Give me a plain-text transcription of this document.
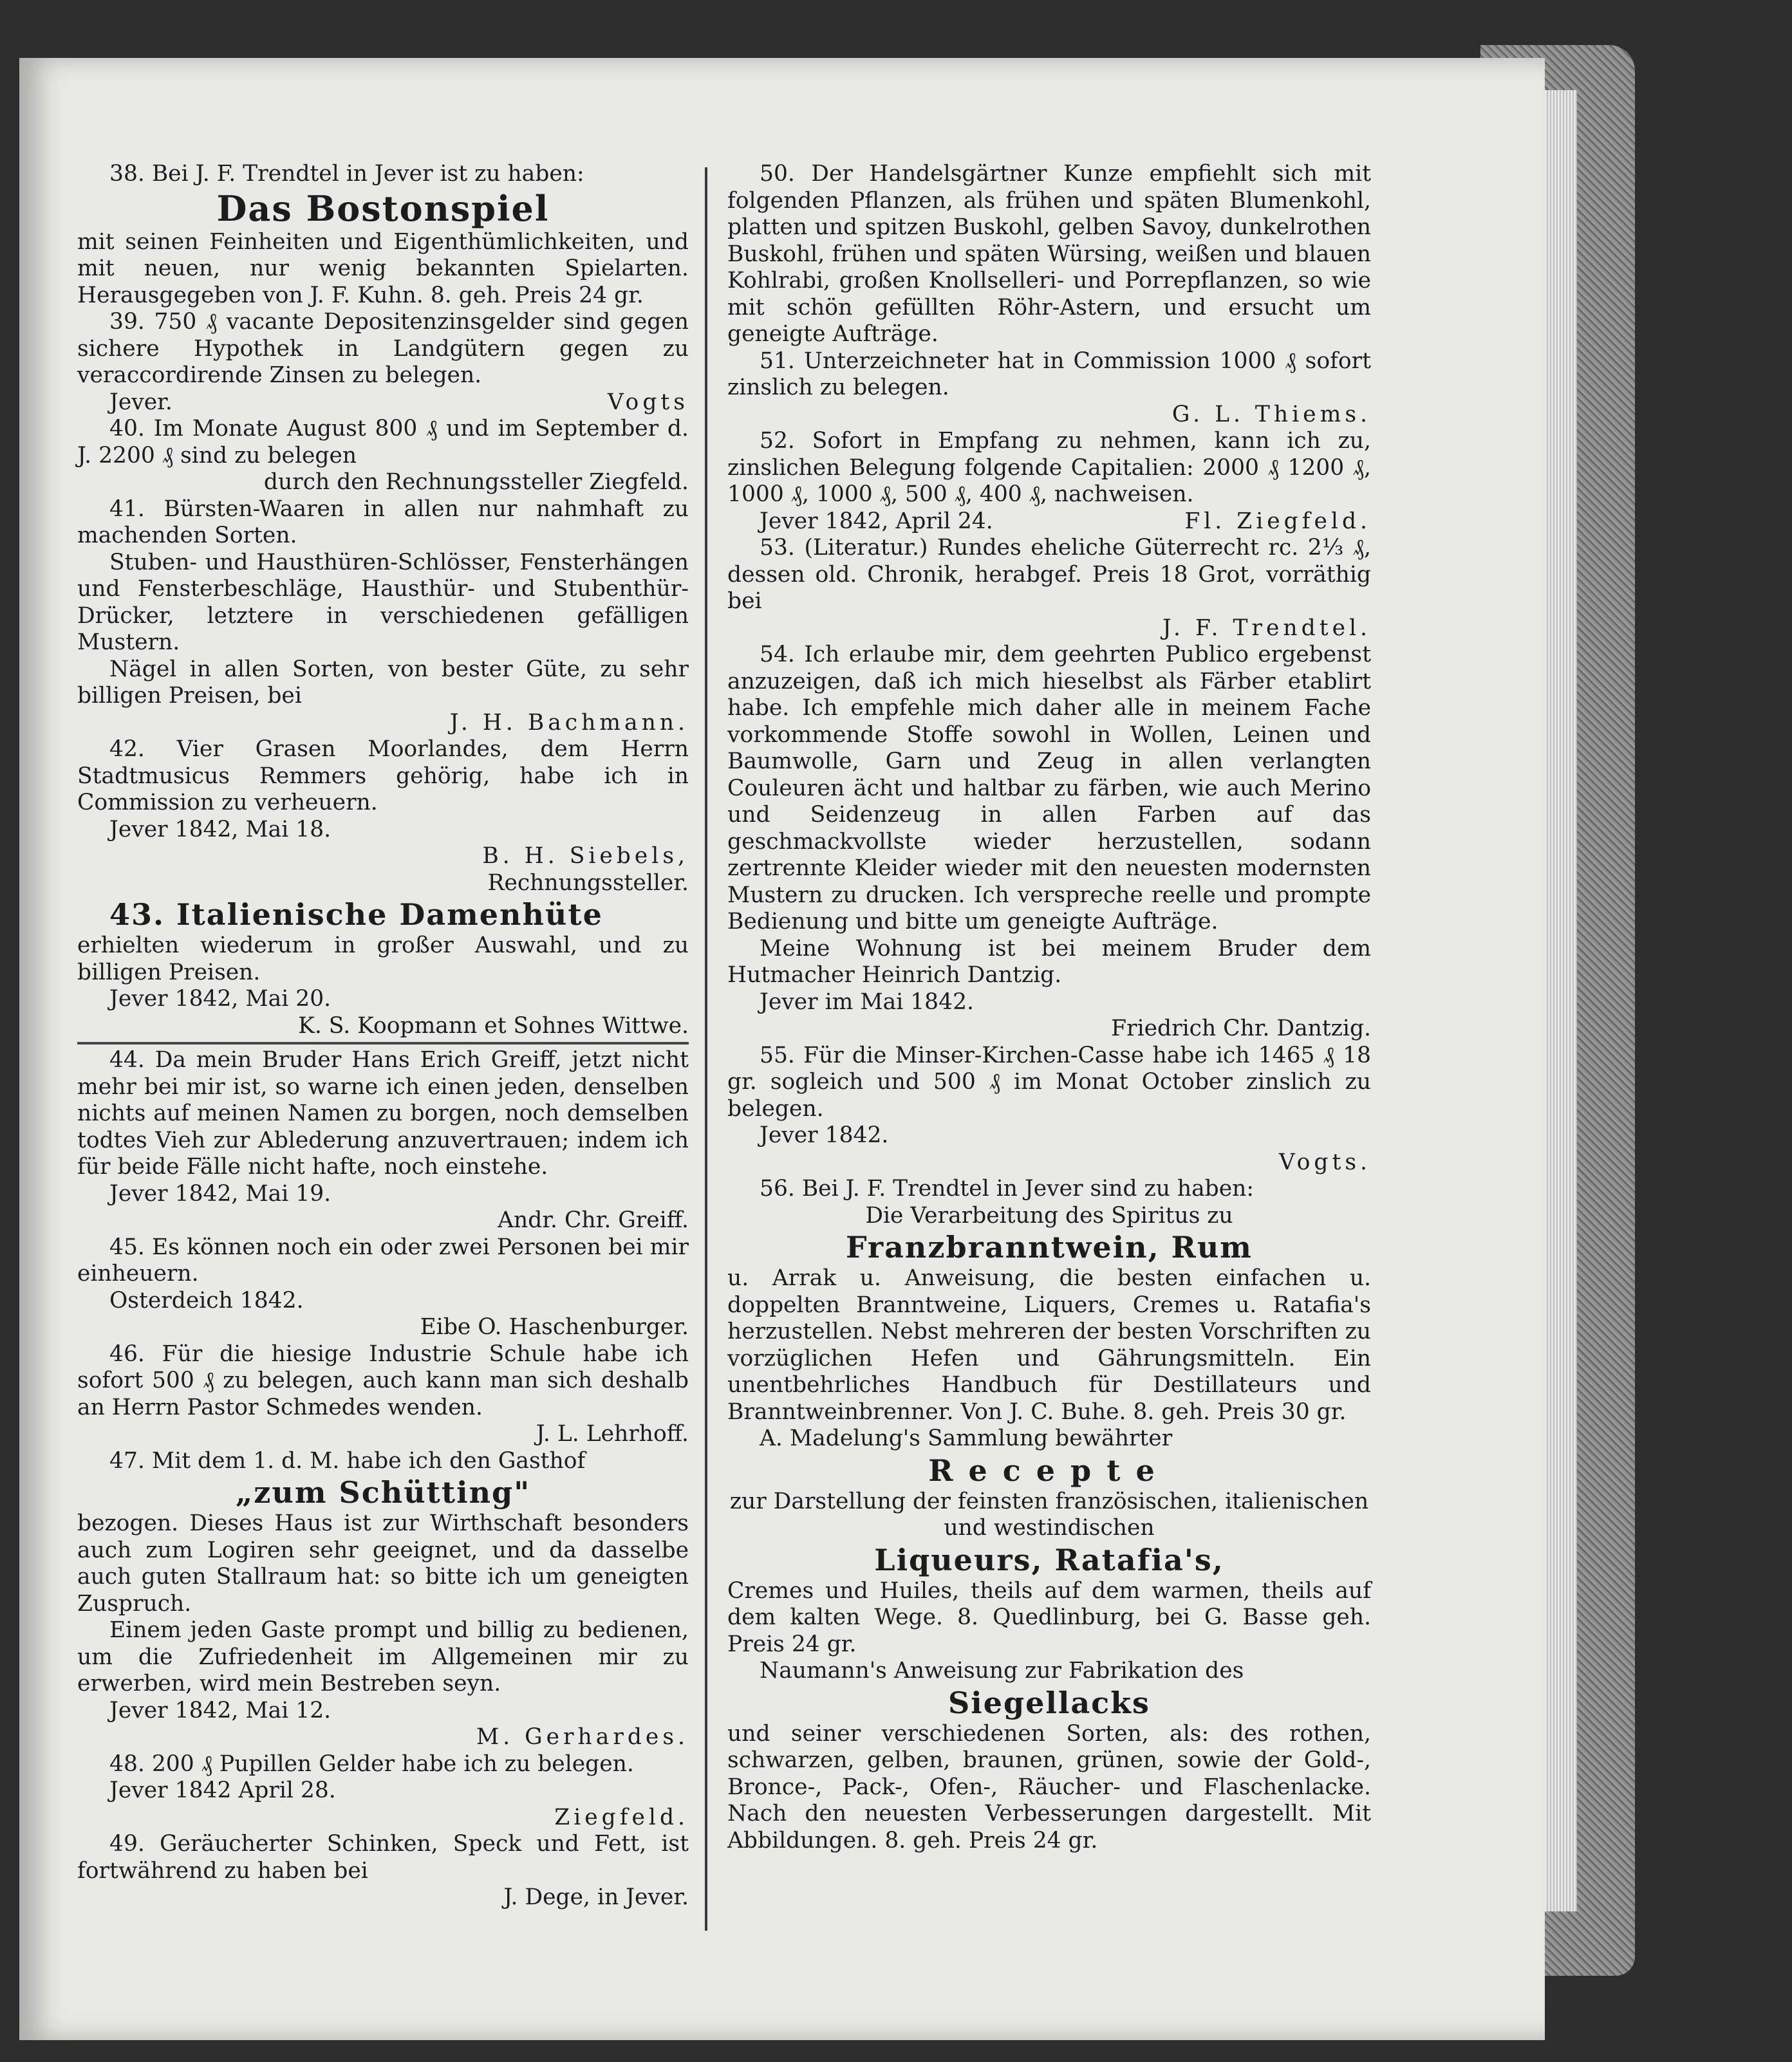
38. Bei J. F. Trendtel in Jever ist zu haben:

Das Bostonspiel

mit seinen Feinheiten und Eigenthümlichkeiten, und mit neuen, nur wenig bekannten Spielarten. Herausgegeben von J. F. Kuhn. 8. geh. Preis 24 gr.

39. 750 ₰ vacante Depositenzinsgelder sind gegen sichere Hypothek in Landgütern gegen zu veraccordirende Zinsen zu belegen.

Jever.	Vogts

40. Im Monate August 800 ₰ und im September d. J. 2200 ₰ sind zu belegen

durch den Rechnungssteller Ziegfeld.

41. Bürsten-Waaren in allen nur nahmhaft zu machenden Sorten.

Stuben- und Hausthüren-Schlösser, Fensterhängen und Fensterbeschläge, Hausthür- und Stubenthür-Drücker, letztere in verschiedenen gefälligen Mustern.

Nägel in allen Sorten, von bester Güte, zu sehr billigen Preisen, bei

J. H. Bachmann.

42. Vier Grasen Moorlandes, dem Herrn Stadtmusicus Remmers gehörig, habe ich in Commission zu verheuern.

Jever 1842, Mai 18.

B. H. Siebels,

Rechnungssteller.

43. Italienische Damenhüte

erhielten wiederum in großer Auswahl, und zu billigen Preisen.

Jever 1842, Mai 20.

K. S. Koopmann et Sohnes Wittwe.

44. Da mein Bruder Hans Erich Greiff, jetzt nicht mehr bei mir ist, so warne ich einen jeden, denselben nichts auf meinen Namen zu borgen, noch demselben todtes Vieh zur Ablederung anzuvertrauen; indem ich für beide Fälle nicht hafte, noch einstehe.

Jever 1842, Mai 19.

Andr. Chr. Greiff.

45. Es können noch ein oder zwei Personen bei mir einheuern.

Osterdeich 1842.

Eibe O. Haschenburger.

46. Für die hiesige Industrie Schule habe ich sofort 500 ₰ zu belegen, auch kann man sich deshalb an Herrn Pastor Schmedes wenden.

J. L. Lehrhoff.

47. Mit dem 1. d. M. habe ich den Gasthof

„zum Schütting"

bezogen. Dieses Haus ist zur Wirthschaft besonders auch zum Logiren sehr geeignet, und da dasselbe auch guten Stallraum hat: so bitte ich um geneigten Zuspruch.

Einem jeden Gaste prompt und billig zu bedienen, um die Zufriedenheit im Allgemeinen mir zu erwerben, wird mein Bestreben seyn.

Jever 1842, Mai 12.

M. Gerhardes.

48. 200 ₰ Pupillen Gelder habe ich zu belegen.

Jever 1842 April 28.

Ziegfeld.

49. Geräucherter Schinken, Speck und Fett, ist fortwährend zu haben bei

J. Dege, in Jever.

50. Der Handelsgärtner Kunze empfiehlt sich mit folgenden Pflanzen, als frühen und späten Blumenkohl, platten und spitzen Buskohl, gelben Savoy, dunkelrothen Buskohl, frühen und späten Würsing, weißen und blauen Kohlrabi, großen Knollselleri- und Porrepflanzen, so wie mit schön gefüllten Röhr-Astern, und ersucht um geneigte Aufträge.

51. Unterzeichneter hat in Commission 1000 ₰ sofort zinslich zu belegen.

G. L. Thiems.

52. Sofort in Empfang zu nehmen, kann ich zu, zinslichen Belegung folgende Capitalien: 2000 ₰ 1200 ₰, 1000 ₰, 1000 ₰, 500 ₰, 400 ₰, nachweisen.

Jever 1842, April 24.	Fl. Ziegfeld.

53. (Literatur.) Rundes eheliche Güterrecht rc. 2⅓ ₰, dessen old. Chronik, herabgef. Preis 18 Grot, vorräthig bei

J. F. Trendtel.

54. Ich erlaube mir, dem geehrten Publico ergebenst anzuzeigen, daß ich mich hieselbst als Färber etablirt habe. Ich empfehle mich daher alle in meinem Fache vorkommende Stoffe sowohl in Wollen, Leinen und Baumwolle, Garn und Zeug in allen verlangten Couleuren ächt und haltbar zu färben, wie auch Merino und Seidenzeug in allen Farben auf das geschmackvollste wieder herzustellen, sodann zertrennte Kleider wieder mit den neuesten modernsten Mustern zu drucken. Ich verspreche reelle und prompte Bedienung und bitte um geneigte Aufträge.

Meine Wohnung ist bei meinem Bruder dem Hutmacher Heinrich Dantzig.

Jever im Mai 1842.

Friedrich Chr. Dantzig.

55. Für die Minser-Kirchen-Casse habe ich 1465 ₰ 18 gr. sogleich und 500 ₰ im Monat October zinslich zu belegen.

Jever 1842.

Vogts.

56. Bei J. F. Trendtel in Jever sind zu haben:

Die Verarbeitung des Spiritus zu

Franzbranntwein, Rum

u. Arrak u. Anweisung, die besten einfachen u. doppelten Branntweine, Liquers, Cremes u. Ratafia's herzustellen. Nebst mehreren der besten Vorschriften zu vorzüglichen Hefen und Gährungsmitteln. Ein unentbehrliches Handbuch für Destillateurs und Branntweinbrenner. Von J. C. Buhe. 8. geh. Preis 30 gr.

A. Madelung's Sammlung bewährter

Recepte

zur Darstellung der feinsten französischen, italienischen und westindischen

Liqueurs, Ratafia's,

Cremes und Huiles, theils auf dem warmen, theils auf dem kalten Wege. 8. Quedlinburg, bei G. Basse geh. Preis 24 gr.

Naumann's Anweisung zur Fabrikation des

Siegellacks

und seiner verschiedenen Sorten, als: des rothen, schwarzen, gelben, braunen, grünen, sowie der Gold-, Bronce-, Pack-, Ofen-, Räucher- und Flaschenlacke. Nach den neuesten Verbesserungen dargestellt. Mit Abbildungen. 8. geh. Preis 24 gr.
